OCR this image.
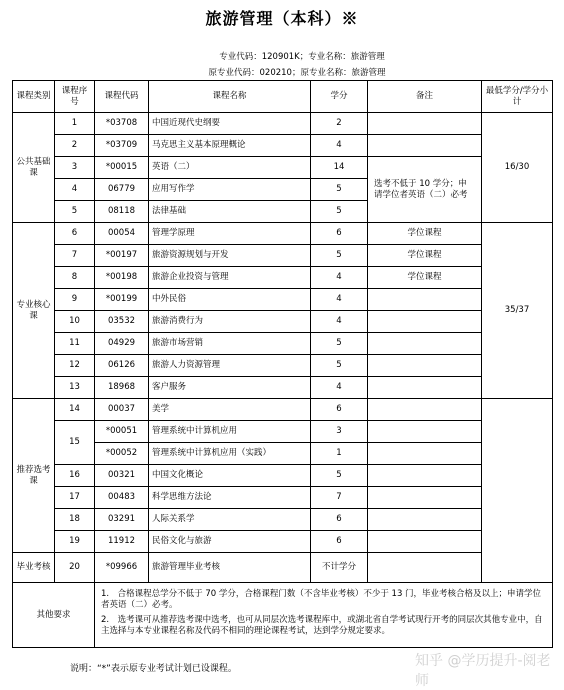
旅游管理（本科）※
专业代码：120901K；专业名称：旅游管理
原专业代码：020210；原专业名称：旅游管理
课程类别	课程序号	课程代码	课程名称	学分	备注	最低学分/学分小计
公共基础课	1	*03708	中国近现代史纲要	2		16/30
	2	*03709	马克思主义基本原理概论	4		
	3	*00015	英语（二）	14	选考不低于 10 学分；申请学位者英语（二）必考	
	4	06779	应用写作学	5		
	5	08118	法律基础	5		
专业核心课	6	00054	管理学原理	6	学位课程	35/37
	7	*00197	旅游资源规划与开发	5	学位课程	
	8	*00198	旅游企业投资与管理	4	学位课程	
	9	*00199	中外民俗	4		
	10	03532	旅游消费行为	4		
	11	04929	旅游市场营销	5		
	12	06126	旅游人力资源管理	5		
	13	18968	客户服务	4		
推荐选考课	14	00037	美学	6		
	15	*00051	管理系统中计算机应用	3		
		*00052	管理系统中计算机应用（实践）	1		
	16	00321	中国文化概论	5		
	17	00483	科学思维方法论	7		
	18	03291	人际关系学	6		
	19	11912	民俗文化与旅游	6		
毕业考核	20	*09966	旅游管理毕业考核	不计学分		
其他要求		1.　合格课程总学分不低于 70 学分，合格课程门数（不含毕业考核）不少于 13 门，毕业考核合格及以上；申请学位者英语（二）必考。

2.　选考课可从推荐选考课中选考，也可从同层次选考课程库中，或湖北省自学考试现行开考的同层次其他专业中，自主选择与本专业课程名称及代码不相同的理论课程考试，达到学分规定要求。				

说明：“*”表示原专业考试计划已设课程。	知乎 @学历提升-阅老师
